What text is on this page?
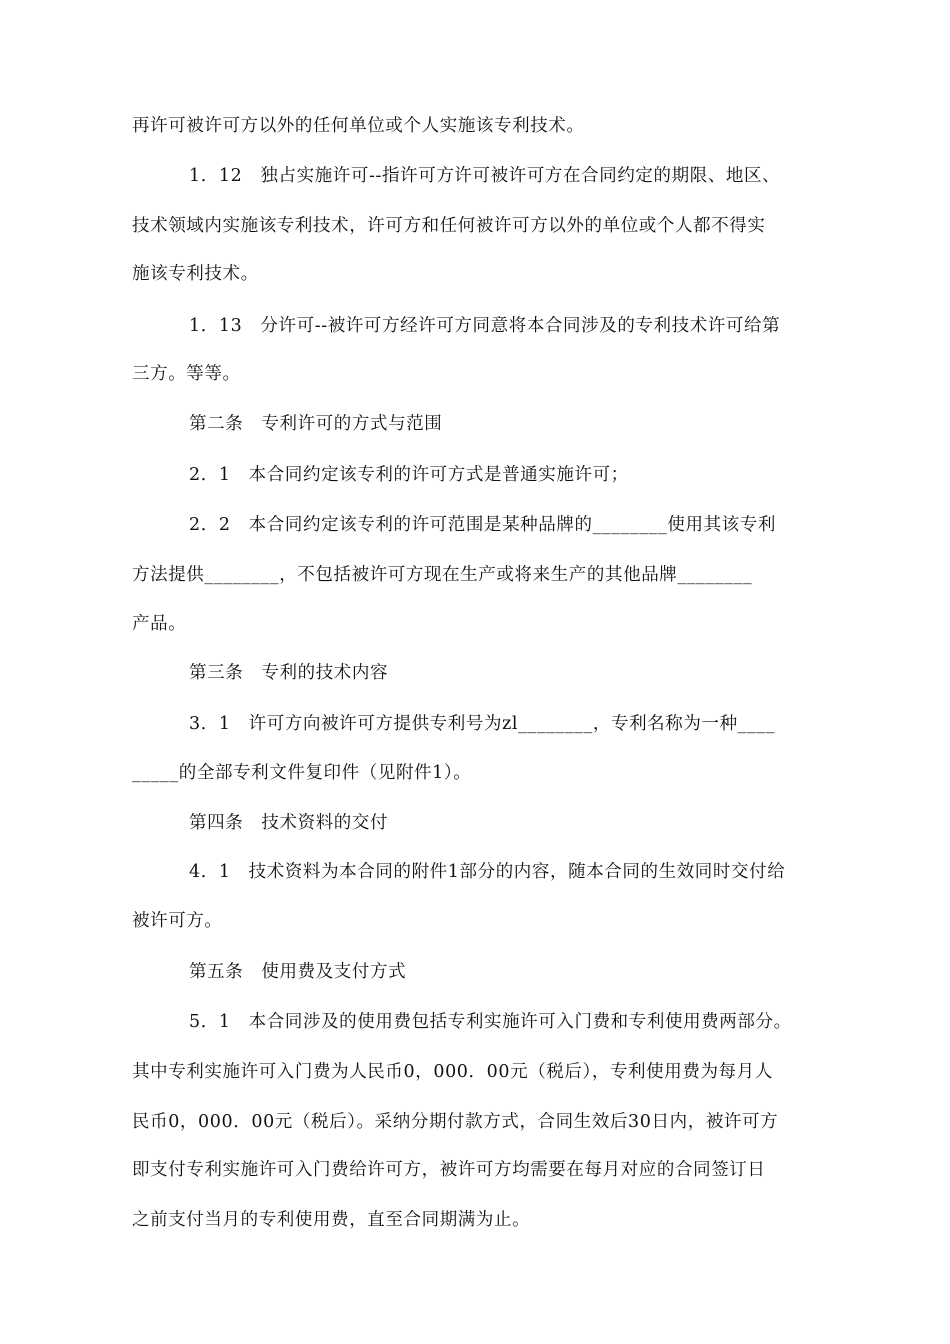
再许可被许可方以外的任何单位或个人实施该专利技术。
1．12　独占实施许可--指许可方许可被许可方在合同约定的期限、地区、
技术领域内实施该专利技术，许可方和任何被许可方以外的单位或个人都不得实
施该专利技术。
1．13　分许可--被许可方经许可方同意将本合同涉及的专利技术许可给第
三方。等等。
第二条　专利许可的方式与范围
2．1　本合同约定该专利的许可方式是普通实施许可；
2．2　本合同约定该专利的许可范围是某种品牌的________使用其该专利
方法提供________，不包括被许可方现在生产或将来生产的其他品牌________
产品。
第三条　专利的技术内容
3．1　许可方向被许可方提供专利号为zl________，专利名称为一种____
_____的全部专利文件复印件（见附件1）。
第四条　技术资料的交付
4．1　技术资料为本合同的附件1部分的内容，随本合同的生效同时交付给
被许可方。
第五条　使用费及支付方式
5．1　本合同涉及的使用费包括专利实施许可入门费和专利使用费两部分。
其中专利实施许可入门费为人民币0，000．00元（税后），专利使用费为每月人
民币0，000．00元（税后）。采纳分期付款方式，合同生效后30日内，被许可方
即支付专利实施许可入门费给许可方，被许可方均需要在每月对应的合同签订日
之前支付当月的专利使用费，直至合同期满为止。
